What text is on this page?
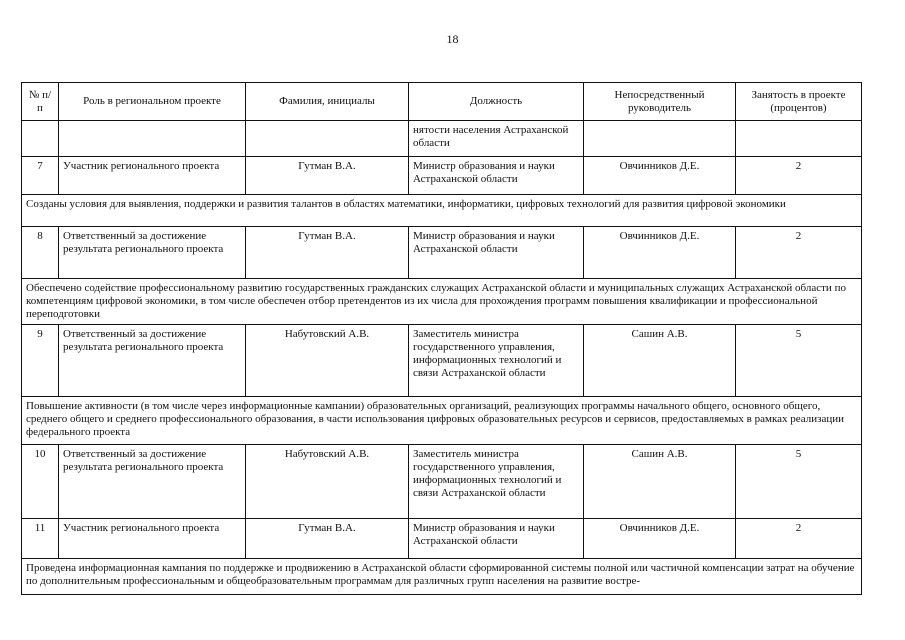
18
№ п/п	Роль в региональном проекте	Фамилия, инициалы	Должность	Непосредственный руководитель	Занятость в проекте (процентов)
			нятости населения Астраханской области		
7	Участник регионального проекта	Гутман В.А.	Министр образования и науки Астраханской области	Овчинников Д.Е.	2
Созданы условия для выявления, поддержки и развития талантов в областях математики, информатики, цифровых технологий для развития цифровой экономики					
8	Ответственный за достижение результата регионального проекта	Гутман В.А.	Министр образования и науки Астраханской области	Овчинников Д.Е.	2
Обеспечено содействие профессиональному развитию государственных гражданских служащих Астраханской области и муниципальных служащих Астраханской области по компетенциям цифровой экономики, в том числе обеспечен отбор претендентов из их числа для прохождения программ повышения квалификации и профессиональной переподготовки					
9	Ответственный за достижение результата регионального проекта	Набутовский А.В.	Заместитель министра государственного управления, информационных технологий и связи Астраханской области	Сашин А.В.	5
Повышение активности (в том числе через информационные кампании) образовательных организаций, реализующих программы начального общего, основного общего, среднего общего и среднего профессионального образования, в части использования цифровых образовательных ресурсов и сервисов, предоставляемых в рамках реализации федерального проекта					
10	Ответственный за достижение результата регионального проекта	Набутовский А.В.	Заместитель министра государственного управления, информационных технологий и связи Астраханской области	Сашин А.В.	5
11	Участник регионального проекта	Гутман В.А.	Министр образования и науки Астраханской области	Овчинников Д.Е.	2
Проведена информационная кампания по поддержке и продвижению в Астраханской области сформированной системы полной или частичной компенсации затрат на обучение по дополнительным профессиональным и общеобразовательным программам для различных групп населения на развитие востре-					
